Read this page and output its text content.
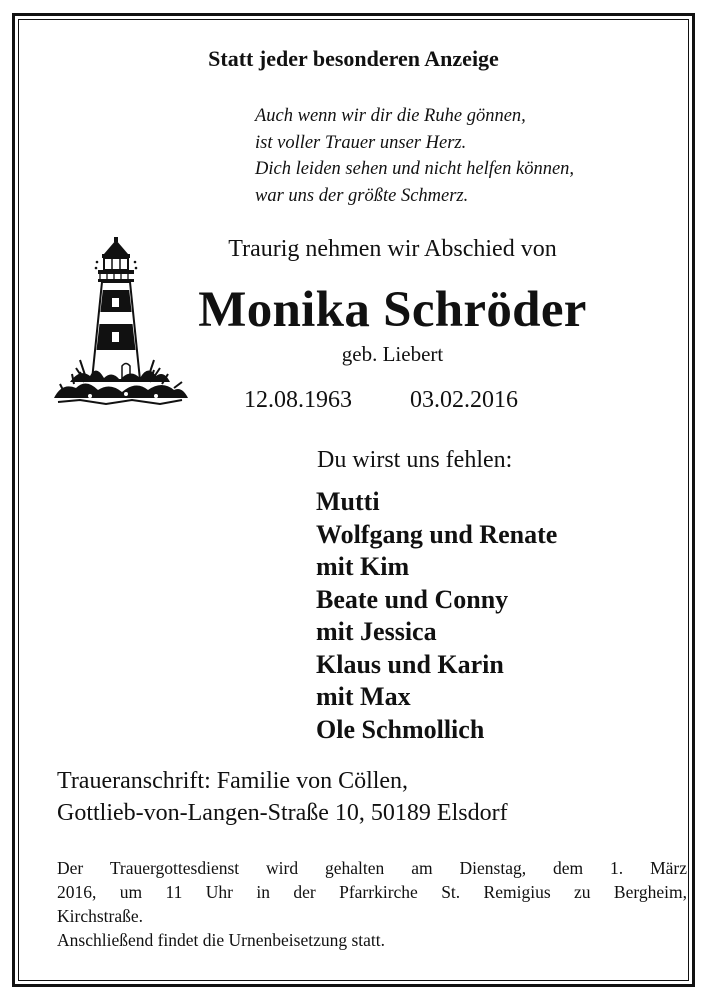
Statt jeder besonderen Anzeige
Auch wenn wir dir die Ruhe gönnen,
ist voller Trauer unser Herz.
Dich leiden sehen und nicht helfen können,
war uns der größte Schmerz.
Traurig nehmen wir Abschied von
Monika Schröder
geb. Liebert
12.08.1963 03.02.2016
Du wirst uns fehlen:
Mutti
Wolfgang und Renate
mit Kim
Beate und Conny
mit Jessica
Klaus und Karin
mit Max
Ole Schmollich
Traueranschrift: Familie von Cöllen,
Gottlieb-von-Langen-Straße 10, 50189 Elsdorf
Der Trauergottesdienst wird gehalten am Dienstag, dem 1. März
2016, um 11 Uhr in der Pfarrkirche St. Remigius zu Bergheim,
Kirchstraße.
Anschließend findet die Urnenbeisetzung statt.
